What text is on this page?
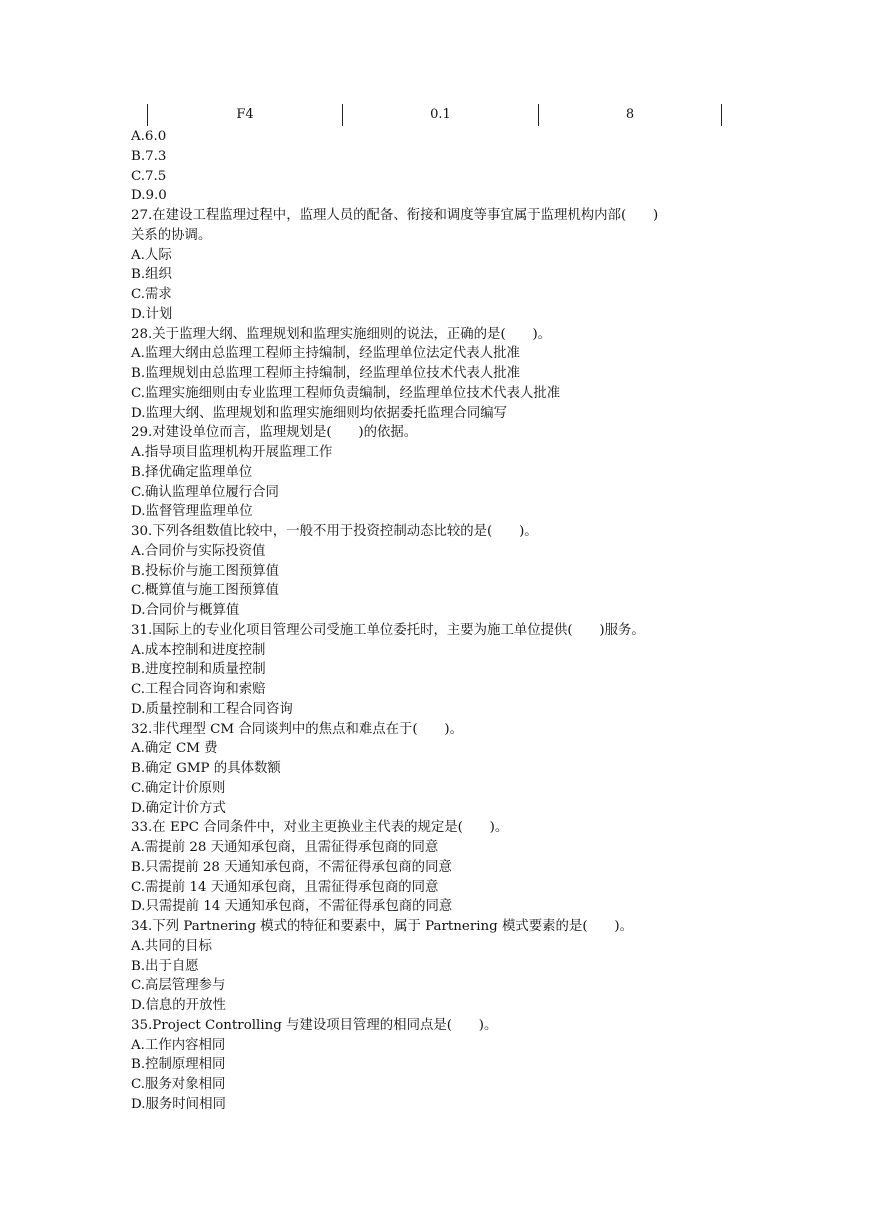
F4	0.1	8
A.6.0
B.7.3
C.7.5
D.9.0
27.在建设工程监理过程中，监理人员的配备、衔接和调度等事宜属于监理机构内部(　　)
关系的协调。
A.人际
B.组织
C.需求
D.计划
28.关于监理大纲、监理规划和监理实施细则的说法，正确的是(　　)。
A.监理大纲由总监理工程师主持编制，经监理单位法定代表人批准
B.监理规划由总监理工程师主持编制，经监理单位技术代表人批准
C.监理实施细则由专业监理工程师负责编制，经监理单位技术代表人批准
D.监理大纲、监理规划和监理实施细则均依据委托监理合同编写
29.对建设单位而言，监理规划是(　　)的依据。
A.指导项目监理机构开展监理工作
B.择优确定监理单位
C.确认监理单位履行合同
D.监督管理监理单位
30.下列各组数值比较中，一般不用于投资控制动态比较的是(　　)。
A.合同价与实际投资值
B.投标价与施工图预算值
C.概算值与施工图预算值
D.合同价与概算值
31.国际上的专业化项目管理公司受施工单位委托时，主要为施工单位提供(　　)服务。
A.成本控制和进度控制
B.进度控制和质量控制
C.工程合同咨询和索赔
D.质量控制和工程合同咨询
32.非代理型 CM 合同谈判中的焦点和难点在于(　　)。
A.确定 CM 费
B.确定 GMP 的具体数额
C.确定计价原则
D.确定计价方式
33.在 EPC 合同条件中，对业主更换业主代表的规定是(　　)。
A.需提前 28 天通知承包商，且需征得承包商的同意
B.只需提前 28 天通知承包商，不需征得承包商的同意
C.需提前 14 天通知承包商，且需征得承包商的同意
D.只需提前 14 天通知承包商，不需征得承包商的同意
34.下列 Partnering 模式的特征和要素中，属于 Partnering 模式要素的是(　　)。
A.共同的目标
B.出于自愿
C.高层管理参与
D.信息的开放性
35.Project Controlling 与建设项目管理的相同点是(　　)。
A.工作内容相同
B.控制原理相同
C.服务对象相同
D.服务时间相同
